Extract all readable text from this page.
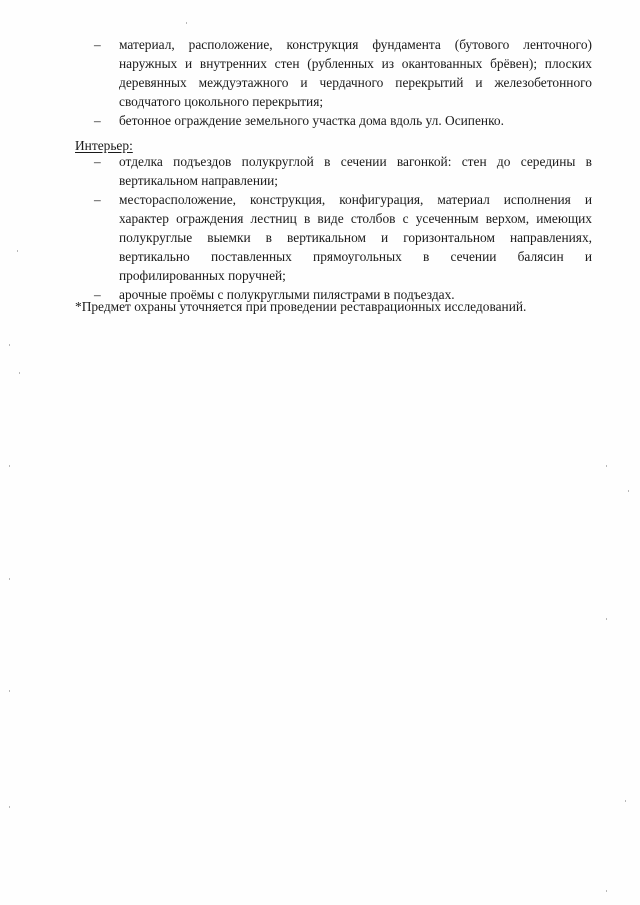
– материал, расположение, конструкция фундамента (бутового ленточного) наружных и внутренних стен (рубленных из окантованных брёвен); плоских деревянных междуэтажного и чердачного перекрытий и железобетонного сводчатого цокольного перекрытия;
– бетонное ограждение земельного участка дома вдоль ул. Осипенко.
Интерьер:
– отделка подъездов полукруглой в сечении вагонкой: стен до середины в вертикальном направлении;
– месторасположение, конструкция, конфигурация, материал исполнения и характер ограждения лестниц в виде столбов с усеченным верхом, имеющих полукруглые выемки в вертикальном и горизонтальном направлениях, вертикально поставленных прямоугольных в сечении балясин и профилированных поручней;
– арочные проёмы с полукруглыми пилястрами в подъездах.

*Предмет охраны уточняется при проведении реставрационных исследований.
